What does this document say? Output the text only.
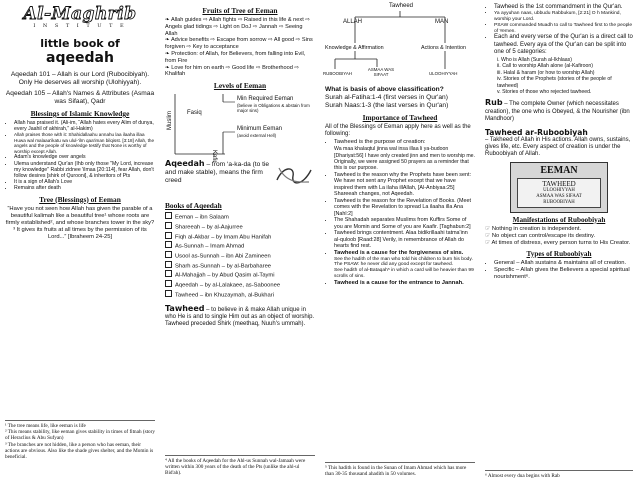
Al-Maghrib
I N S T I T U T E
little book of
aqeedah

Aqeedah 101 – Allah is our Lord (Rubocibiyah). Only He deserves all worship (Ulohiyyah).

Aqeedah 105 – Allah's Names & Attributes (Asmaa was Sifaat), Qadr

Blessings of Islamic Knowledge
• Allah has praised it. (Ali-im, “Allah hates every Alim of dunya, every Jaahil of akhirah,” al-Hakim)
• Allah praises those with it: Shahidallaahu annahu laa ilaaha illaa Huwa wal malaaa'ikatu wa ulul-'ilm qaa'iman bilqisst. [3:18] Allah, the angels and the people of knowledge testify that None is worthy of worship except Allah.
• Adam's knowledge over angels
• Ulema understand Qur'an (Ihb only those "My Lord, increase my knowledge" Rabbi zidnee 'ilmaa [20:114], fear Allah, don't follow desires [shirk of Qurooni], & inheritors of Pts
• It is a sign of Allah's Love
• Remains after death
Tree (Blessings) of Eeman

“Have you not seen how Allah has given the parable of a beautiful kalimah like a beautiful tree¹ whose roots are firmly established², and whose branches tower in the sky?³ It gives its fruits at all times by the permission of its Lord...” [Ibraheem 24-25]

¹ The tree means life, like eeman is life

² This means stability, like eeman gives stability in times of fitnah (story of Heraclius & Abu Sufyan)

³ The branches are not hidden, like a person who has eeman, their actions are obvious. Also like the shade gives shelter, and the Momin is beneficial.

Fruits of Tree of Eeman
❧ Allah guides ⇨ Allah fights ⇨ Raised in this life & next ⇨ Angels glad tidings ⇨ Light on DoJ ⇨ Jannah ⇨ Seeing Allah
❧ Advice benefits ⇨ Escape from sorrow ⇨ All good ⇨ Sins forgiven ⇨ Key to acceptance
❧ Protection: of Allah, for Believers, from falling into Evil, from Fire
❧ Love for him on earth ⇨ Good life ⇨ Brotherhood ⇨ Khalifah
Levels of Eeman
Muslim Fasiq
Kafir
Min Required Eeman
(believe in Obligations & abstain from major sins)
Minimum Eeman
(avoid external Hell)

Aqeedah – from ‘a-ka-da (to tie and make stable), means the firm creed

Books of Aqeedah
Eeman – ibn Salaam
Shareeah – by al-Aajurree
Fiqh al-Akbar – by Imam Abu Hanifah
As-Sunnah – Imam Ahmad
Usool as-Sunnah – ibn Abi Zamineen
Sharh as-Sunnah – by al-Barbaharee
Al-Mahajjah – by Abud Qasim al-Taymi
Aqeedah – by al-Lalakaee, as-Saboonee
Tawheed – ibn Khuzaymah, al-Bukhari

Tawheed – to believe in & make Allah unique in who He is and to single Him out as an object of worship. Tawheed preceded Shirk (meethaq, Nuuh's ummah).

⁴ All the books of Aqeedah for the Ahl-us Sunnah wal-Jamaah were written within 300 years of the death of the Pts (unlike the ahl-ul Bid'ah).

Tawheed
ALLAH	MAN
Knowledge & Affirmation	Actions & Intention
RUBOOBIYAH
ASMAA WAS SIFAAT	ULOOHIYYAH

What is basis of above classification?

Surah al-Fatiha:1-4 (first verses in Qur'an)

Surah Naas:1-3 (the last verses in Qur'an)

Importance of Tawheed

All of the Blessings of Eeman apply here as well as the following:

• Tawheed is the purpose of creation:
Wa maa khalaqtul jinna wal insa illaa li ya-budoon [Dhariyat:56] I have only created jinn and men to worship me. Originally, we were assigned 50 prayers as a reminder that this is our purpose.
• Tawheed is the reason why the Prophets have been sent: We have not sent any Prophet except that we have inspired them with La ilaha illAllah, [Al-Anbiyaa:25] Shareeah changes, not Aqeedah.
• Tawheed is the reason for the Revelation of Books. (Meet comes with the Revelation to spread La ilaaha illa Ana [Nahl:2]
• The Shahadah separates Muslims from Kuffirs Some of you are Momin and Some of you are Kaafir. [Taghabun:2]
• Tawheed brings contentment. Alaa bidikrillaahi tatma'inn al-quloob [Raad:28] Verily, in remembrance of Allah do hearts find rest.
• Tawheed is a cause for the forgiveness of sins.
See the hadith of the man who told his children to burn his body. The PSAW: he never did any good except for tawheed.
See hadith of al-Bataqah⁵ in which a card will be heavier than 99 scrolls of sins.
• Tawheed is a cause for the entrance to Jannah.

⁵ This hadith is found in the Sunan of Imam Ahmad which has more than 30-35 thousand ahadith in 50 volumes.

• Tawheed is the 1st commandment in the Qur'an.
• Ya ayyuhan naas, ubbudu Rabbukum, [2:21] O h Mankind, worship your Lord.
• PSAW commanded Muadh to call to Tawheed first to the people of Yemen.
• Each and every verse of the Qur'an is a direct call to tawheed. Every aya of the Qur'an can be split into one of 5 categories:

i. Who is Allah (Surah al-Ikhlaas)

ii. Call to worship Allah alone (al-Kafiroon)

iii. Halal & haram (or how to worship Allah)

iv. Stories of the Prophets (stories of the people of tawheed)

v. Stories of those who rejected tawheed.

Rub – The complete Owner (which necessitates creation), the one who is Obeyed, & the Nourisher (ibn Mandhoor)

Tawheed ar-Ruboobiyah

– Takheed of Allah in His actions. Allah owns, sustains, gives life, etc. Every aspect of creation is under the Ruboobiyah of Allah.

EEMAN
TAWHEED
ULOOHIYYAH
ASMAA WAS SIFAAT
RUBOOBIYAH
Manifestations of Ruboobiyah
☞ Nothing in creation is independent.
☞ No object can control/escape its destiny.
☞ At times of distress, every person turns to His Creator.
Types of Ruboobiyah
• General – Allah sustains & maintains all of creation.
• Specific – Allah gives the Believers a special spiritual nourishment⁶.

⁶ Almost every dua begins with Rab
